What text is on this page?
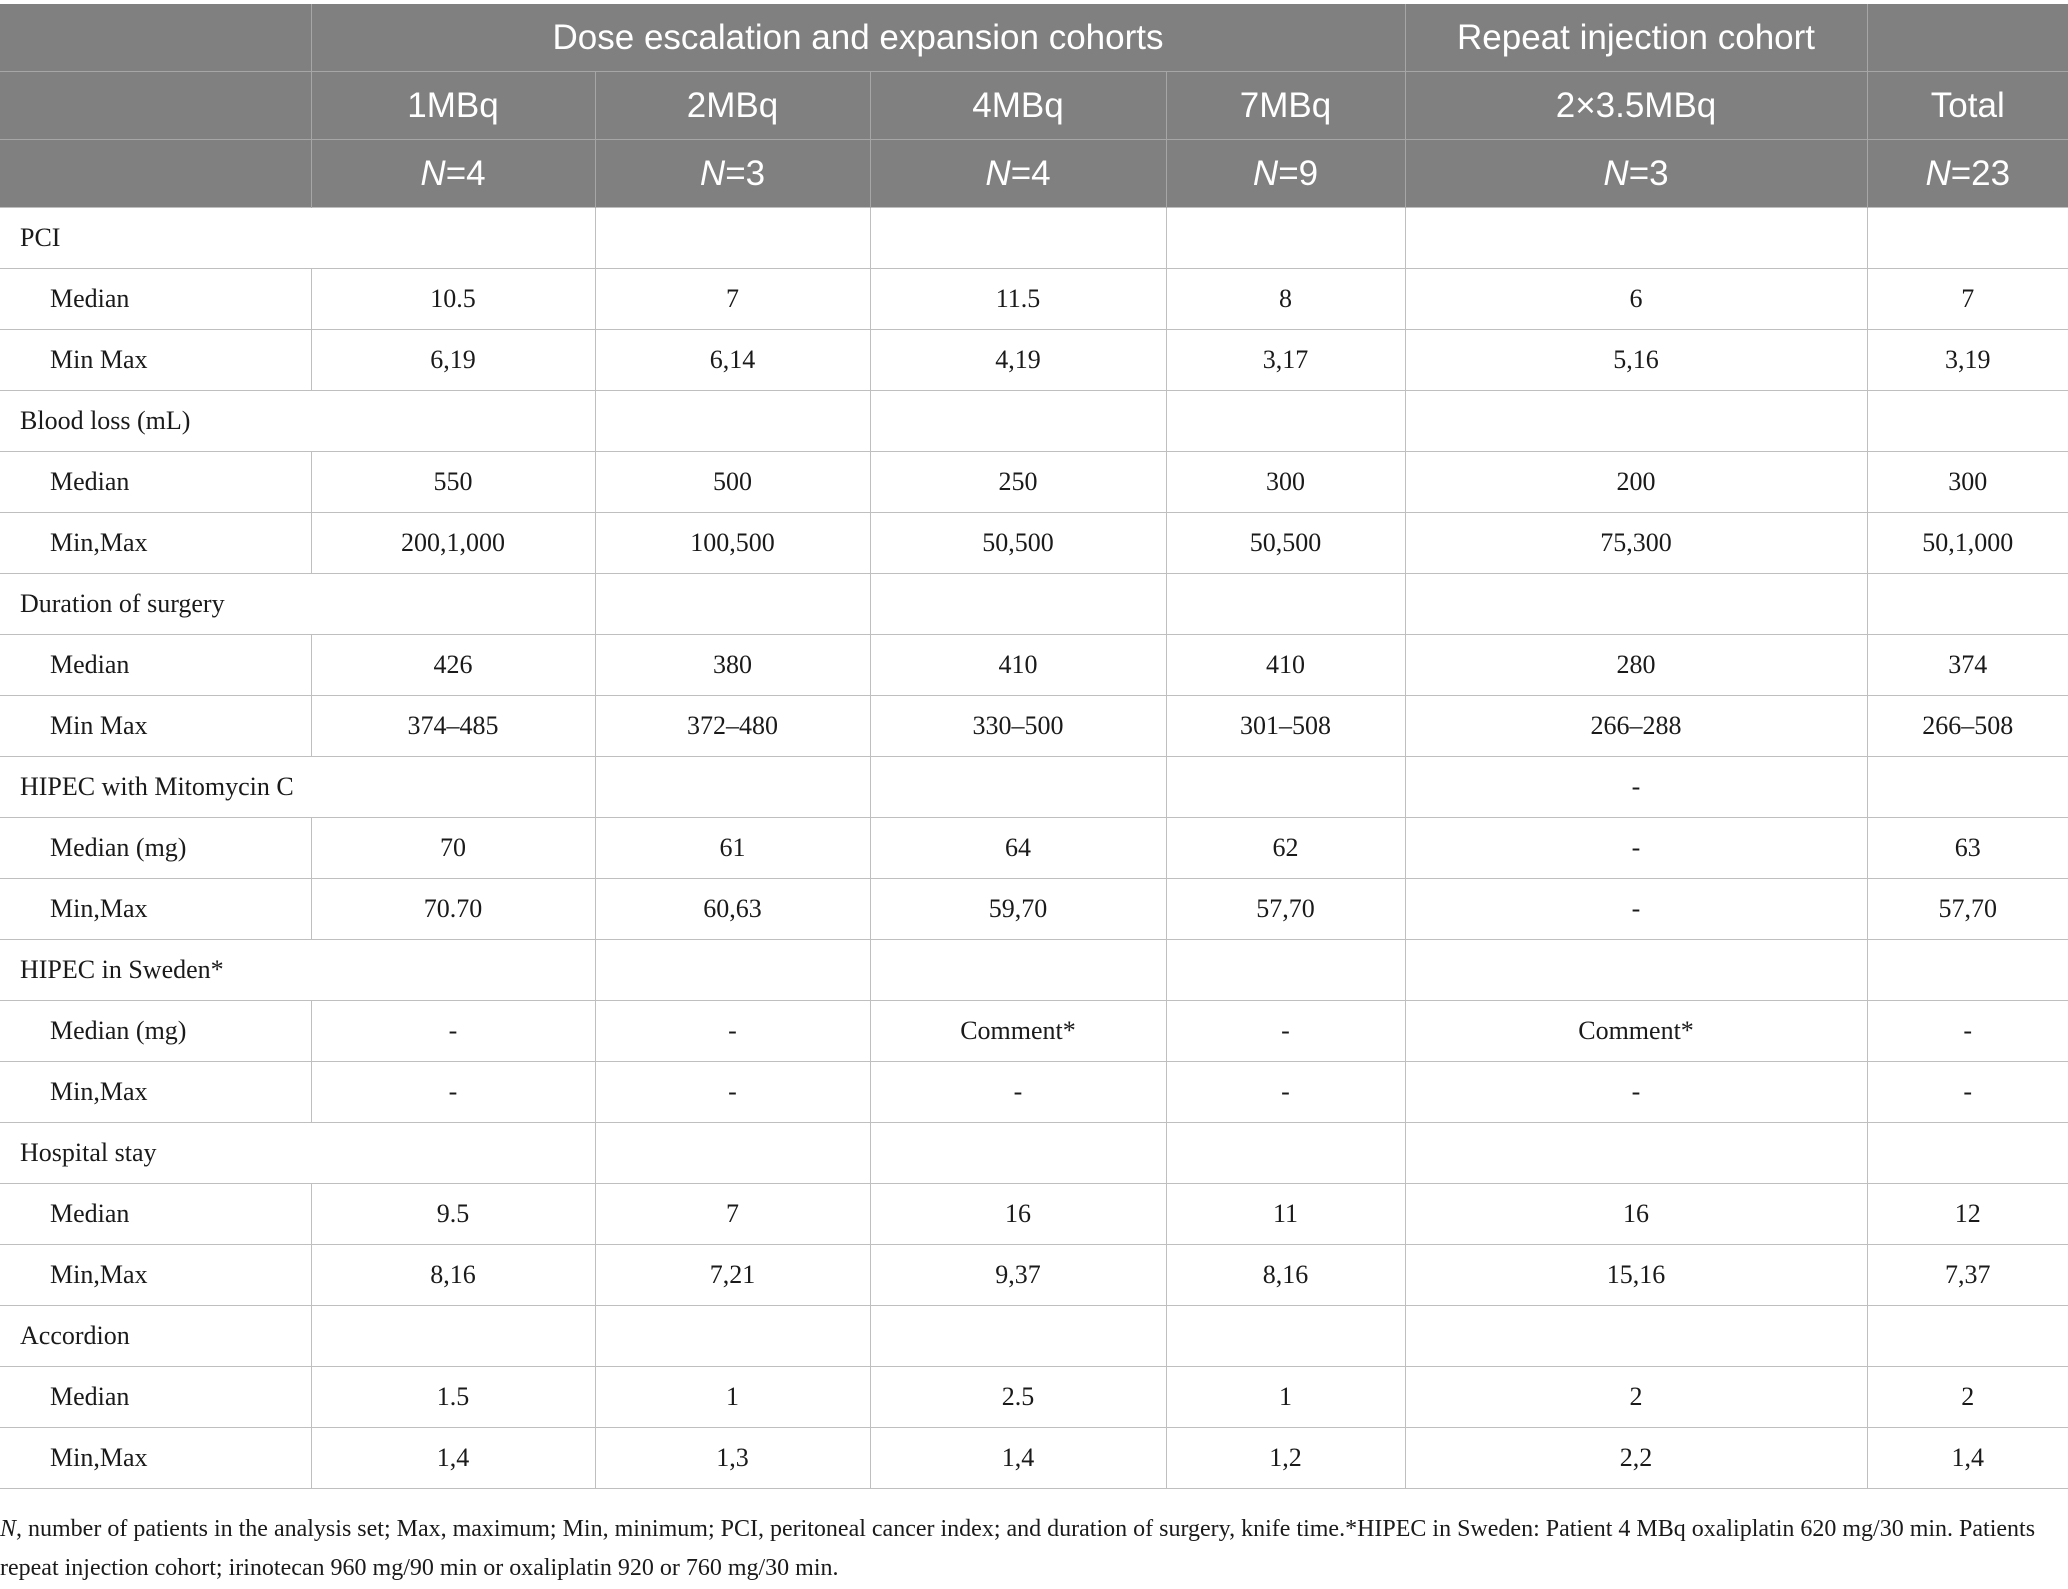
	Dose escalation and expansion cohorts				Repeat injection cohort	
	1MBq	2MBq	4MBq	7MBq	2×3.5MBq	Total
	N=4	N=3	N=4	N=9	N=3	N=23
PCI						
Median	10.5	7	11.5	8	6	7
Min Max	6,19	6,14	4,19	3,17	5,16	3,19
Blood loss (mL)						
Median	550	500	250	300	200	300
Min,Max	200,1,000	100,500	50,500	50,500	75,300	50,1,000
Duration of surgery						
Median	426	380	410	410	280	374
Min Max	374–485	372–480	330–500	301–508	266–288	266–508
HIPEC with Mitomycin C					-	
Median (mg)	70	61	64	62	-	63
Min,Max	70.70	60,63	59,70	57,70	-	57,70
HIPEC in Sweden*						
Median (mg)	-	-	Comment*	-	Comment*	-
Min,Max	-	-	-	-	-	-
Hospital stay						
Median	9.5	7	16	11	16	12
Min,Max	8,16	7,21	9,37	8,16	15,16	7,37
Accordion						
Median	1.5	1	2.5	1	2	2
Min,Max	1,4	1,3	1,4	1,2	2,2	1,4

N, number of patients in the analysis set; Max, maximum; Min, minimum; PCI, peritoneal cancer index; and duration of surgery, knife time.*HIPEC in Sweden: Patient 4 MBq oxaliplatin 620 mg/30 min. Patients repeat injection cohort; irinotecan 960 mg/90 min or oxaliplatin 920 or 760 mg/30 min.
